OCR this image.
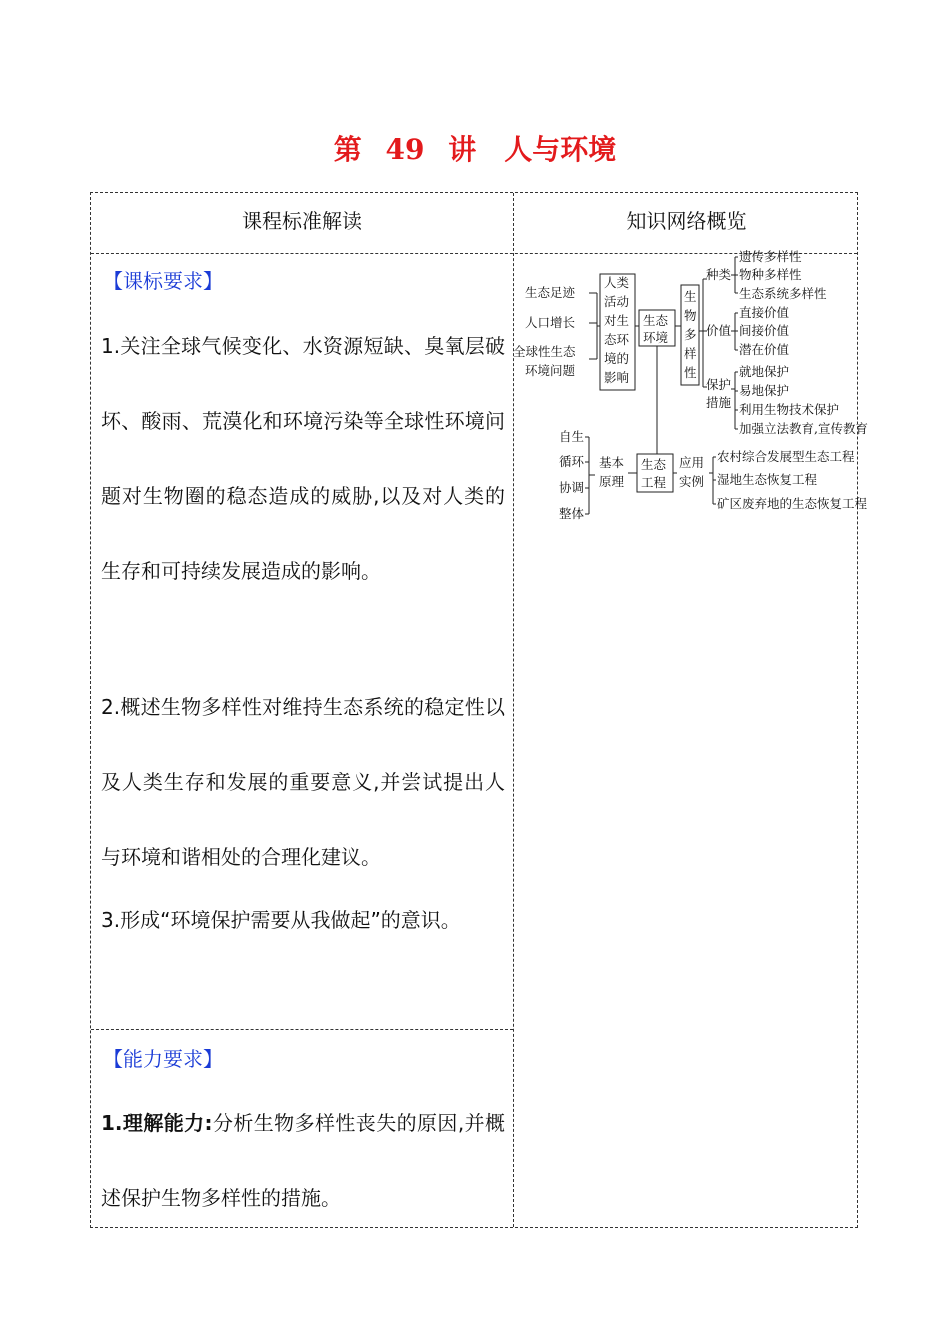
第 49 讲　人与环境
课程标准解读	知识网络概览
【课标要求】
1.关注全球气候变化、水资源短缺、臭氧层破坏、酸雨、荒漠化和环境污染等全球性环境问题对生物圈的稳态造成的威胁,以及对人类的生存和可持续发展造成的影响。
2.概述生物多样性对维持生态系统的稳定性以及人类生存和发展的重要意义,并尝试提出人与环境和谐相处的合理化建议。
3.形成“环境保护需要从我做起”的意识。
【能力要求】
1.理解能力:分析生物多样性丧失的原因,并概述保护生物多样性的措施。
生态足迹
人口增长
全球性生态
环境问题
人类
活动
对生
态环
境的
影响
生态
环境
生
物
多
样
性
种类
遗传多样性
物种多样性
生态系统多样性
价值
直接价值
间接价值
潜在价值
保护
措施
就地保护
易地保护
利用生物技术保护
加强立法教育,宣传教育
自生
循环
协调
整体
基本
原理
生态
工程
应用
实例
农村综合发展型生态工程
湿地生态恢复工程
矿区废弃地的生态恢复工程
